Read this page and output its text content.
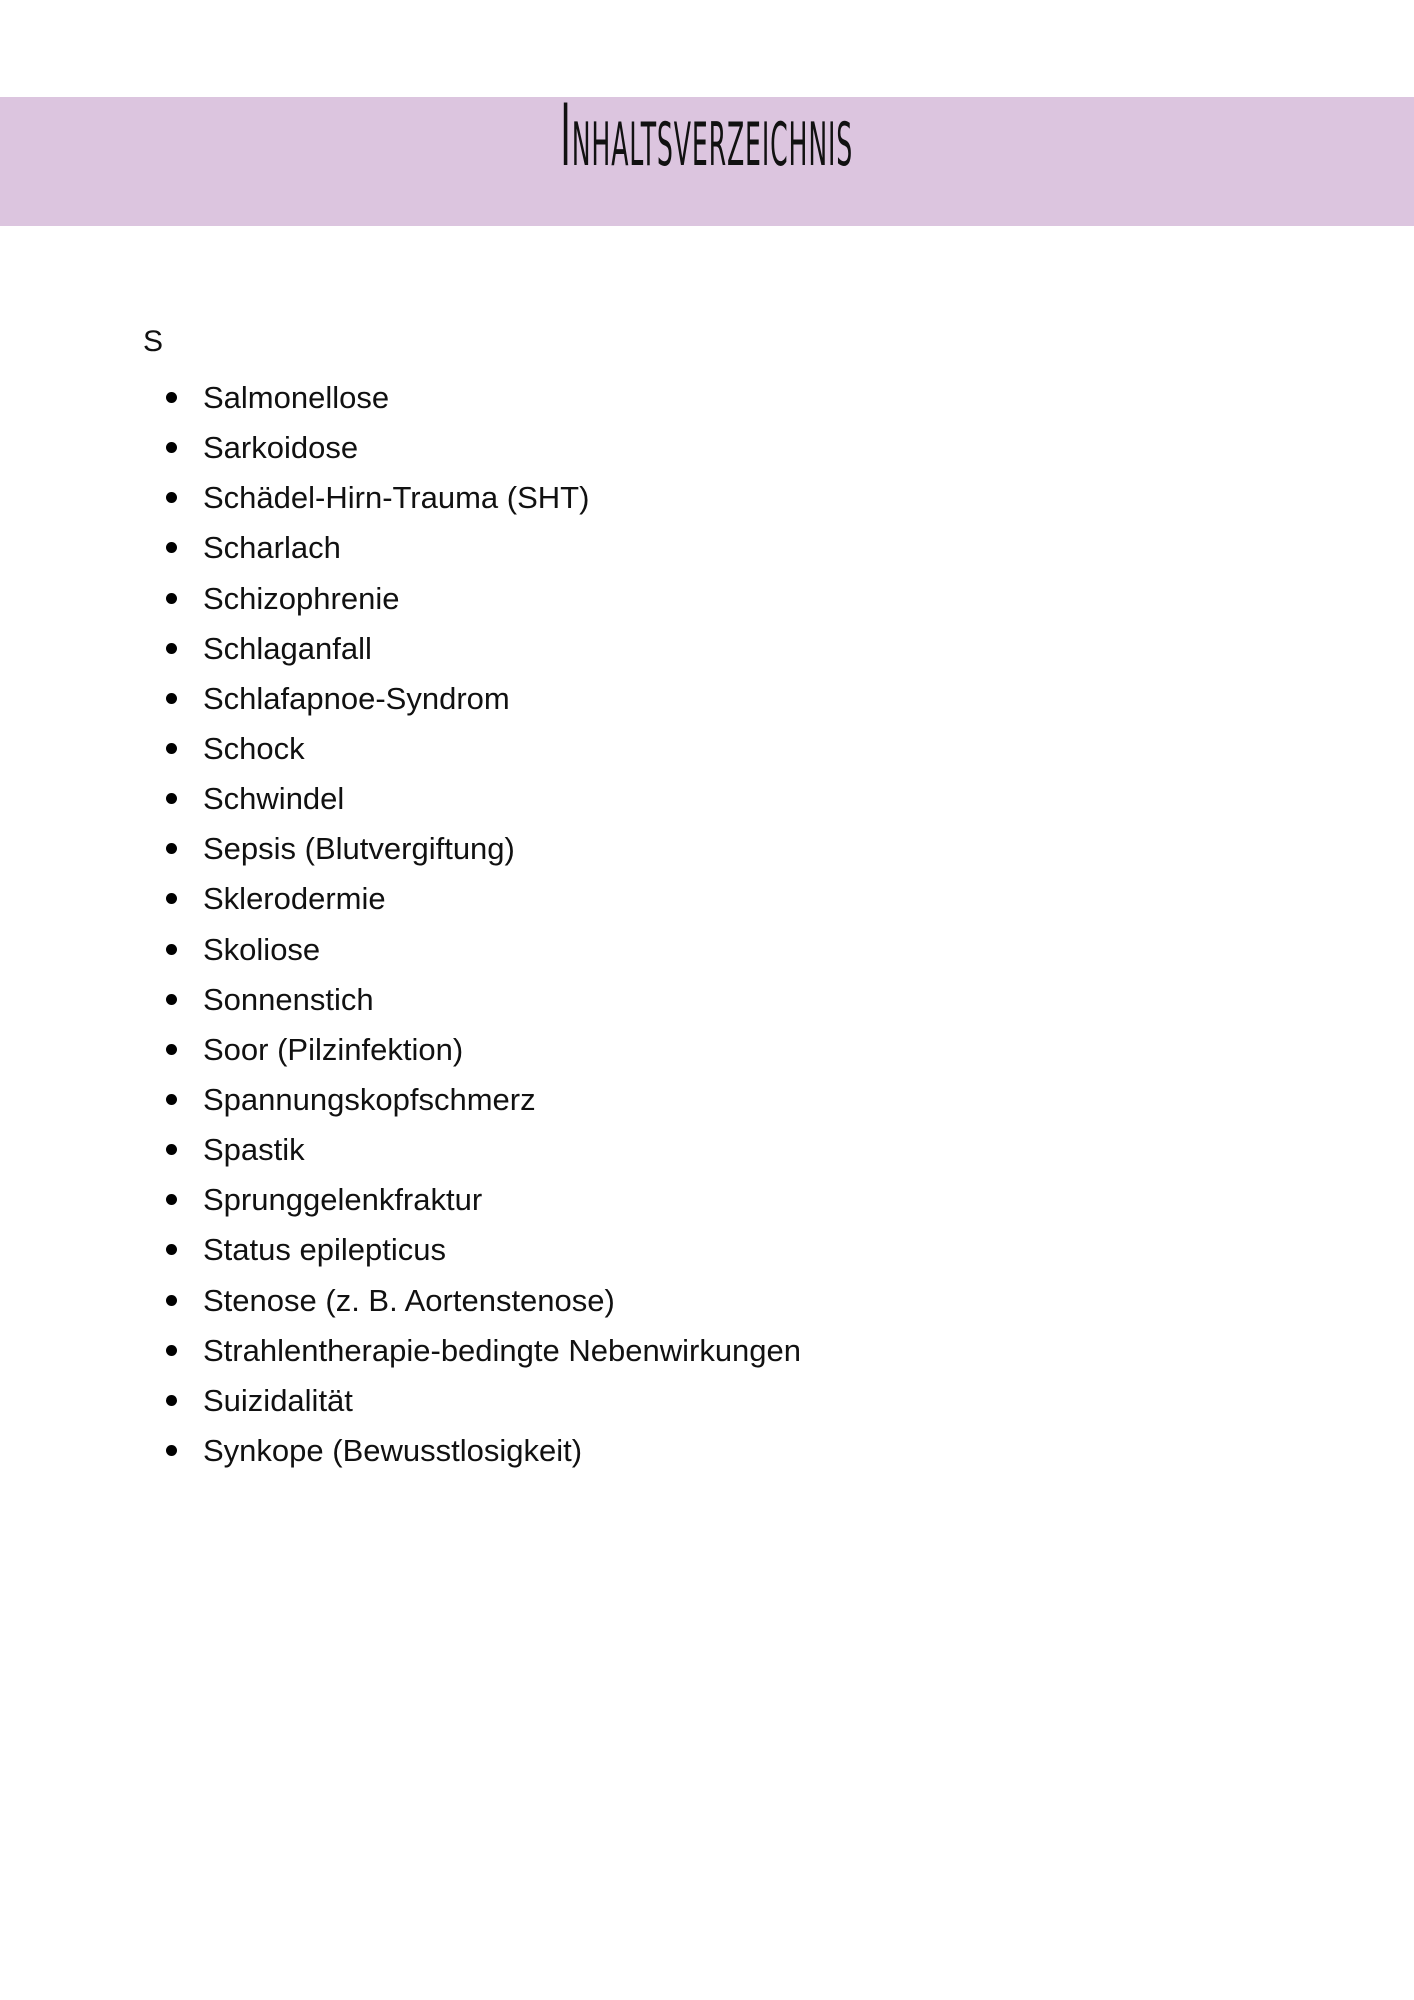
Inhaltsverzeichnis
S
Salmonellose
Sarkoidose
Schädel-Hirn-Trauma (SHT)
Scharlach
Schizophrenie
Schlaganfall
Schlafapnoe-Syndrom
Schock
Schwindel
Sepsis (Blutvergiftung)
Sklerodermie
Skoliose
Sonnenstich
Soor (Pilzinfektion)
Spannungskopfschmerz
Spastik
Sprunggelenkfraktur
Status epilepticus
Stenose (z. B. Aortenstenose)
Strahlentherapie-bedingte Nebenwirkungen
Suizidalität
Synkope (Bewusstlosigkeit)
